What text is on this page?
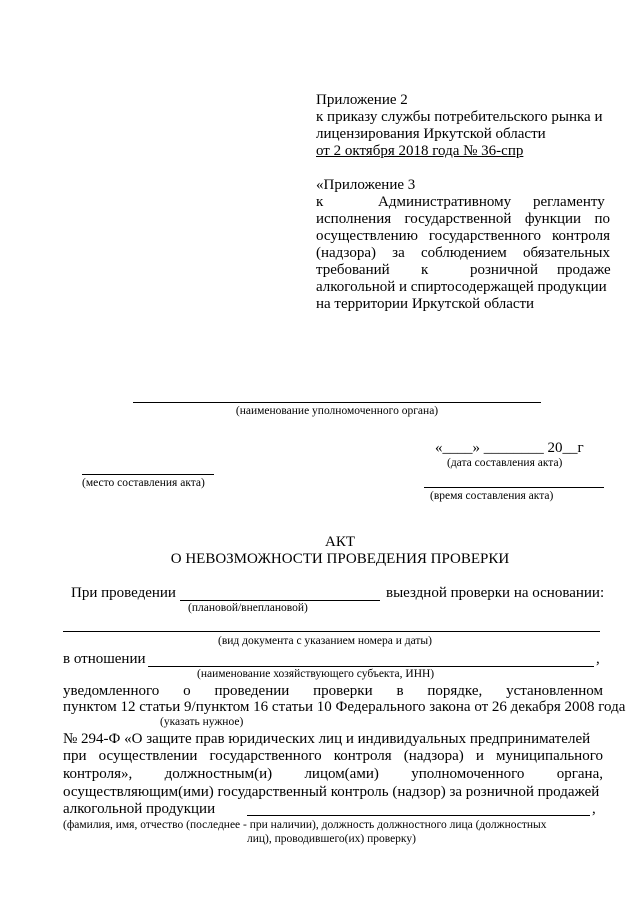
Приложение 2
к приказу службы потребительского рынка и
лицензирования Иркутской области
от 2 октября 2018 года № 36-спр
«Приложение 3
к	Административному регламенту
исполнения государственной функции по
осуществлению государственного контроля
(надзора) за соблюдением обязательных
требований к	розничной продаже
алкогольной и спиртосодержащей продукции
на территории Иркутской области
(наименование уполномоченного органа)
«____» ________ 20__г
(дата составления акта)
(место составления акта)
(время составления акта)
АКТ
О НЕВОЗМОЖНОСТИ ПРОВЕДЕНИЯ ПРОВЕРКИ
При проведении	выездной проверки на основании:
(плановой/внеплановой)
(вид документа с указанием номера и даты)
в отношении	,
(наименование хозяйствующего субъекта, ИНН)
уведомленного о проведении проверки в порядке, установленном
пунктом 12 статьи 9/пунктом 16 статьи 10 Федерального закона от 26 декабря 2008 года
(указать нужное)
№ 294-Ф «О защите прав юридических лиц и индивидуальных предпринимателей
при осуществлении государственного контроля (надзора) и муниципального
контроля», должностным(и) лицом(ами) уполномоченного органа,
осуществляющим(ими) государственный контроль (надзор) за розничной продажей
алкогольной продукции	,
(фамилия, имя, отчество (последнее - при наличии), должность должностного лица (должностных
лиц), проводившего(их) проверку)
